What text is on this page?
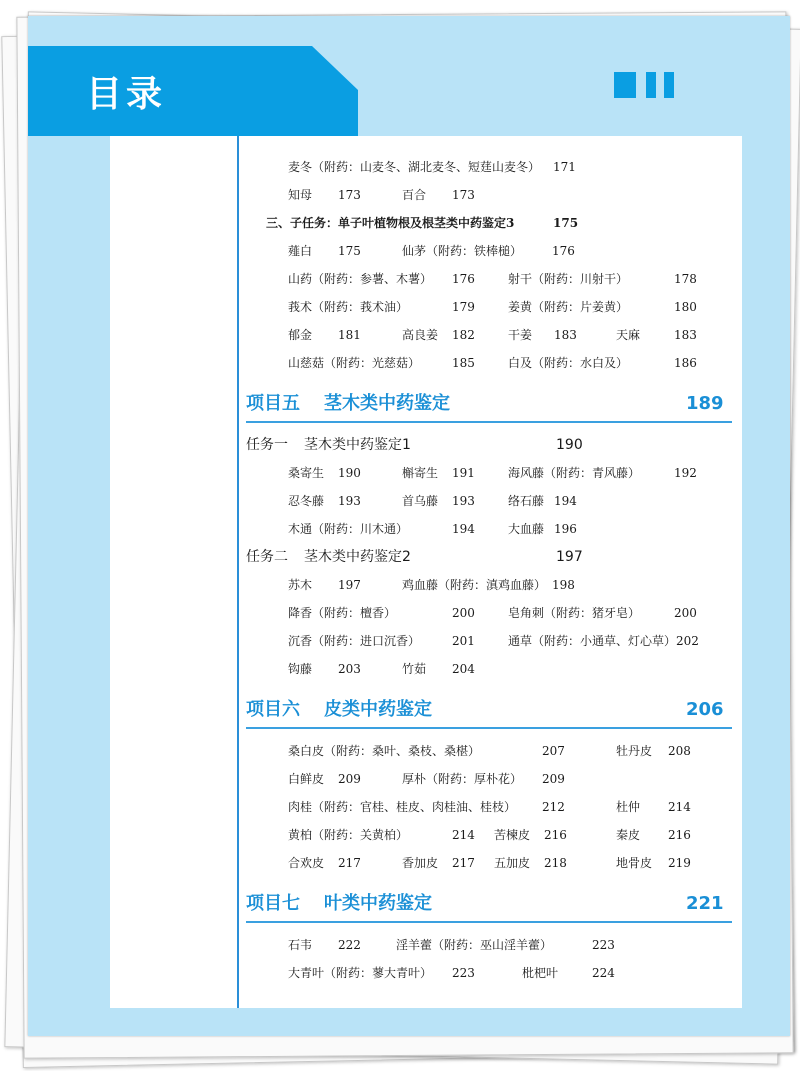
目录
麦冬（附药：山麦冬、湖北麦冬、短莛山麦冬） 171
知母 173	百合 173
三、子任务：单子叶植物根及根茎类中药鉴定3	175
薤白 175	仙茅（附药：铁棒槌） 176
山药（附药：参薯、木薯） 176	射干（附药：川射干）	178
莪术（附药：莪术油）	179	姜黄（附药：片姜黄）	180
郁金 181	高良姜 182	干姜 183	天麻	183
山慈菇（附药：光慈菇）	185	白及（附药：水白及）	186
项目五 茎木类中药鉴定	189
任务一 茎木类中药鉴定1	190
桑寄生 190	槲寄生 191	海风藤（附药：青风藤）	192
忍冬藤 193	首乌藤 193	络石藤 194
木通（附药：川木通）	194	大血藤 196
任务二 茎木类中药鉴定2	197
苏木 197	鸡血藤（附药：滇鸡血藤） 198
降香（附药：檀香）	200	皂角刺（附药：猪牙皂）	200
沉香（附药：进口沉香）	201	通草（附药：小通草、灯心草）202
钩藤 203	竹茹 204
项目六 皮类中药鉴定	206
桑白皮（附药：桑叶、桑枝、桑椹）	207	牡丹皮 208
白鲜皮 209	厚朴（附药：厚朴花） 209
肉桂（附药：官桂、桂皮、肉桂油、桂枝） 212	杜仲 214
黄柏（附药：关黄柏）	214 苦楝皮 216	秦皮 216
合欢皮 217	香加皮 217 五加皮 218	地骨皮 219
项目七 叶类中药鉴定	221
石韦 222	淫羊藿（附药：巫山淫羊藿）	223
大青叶（附药：蓼大青叶） 223	枇杷叶	224
